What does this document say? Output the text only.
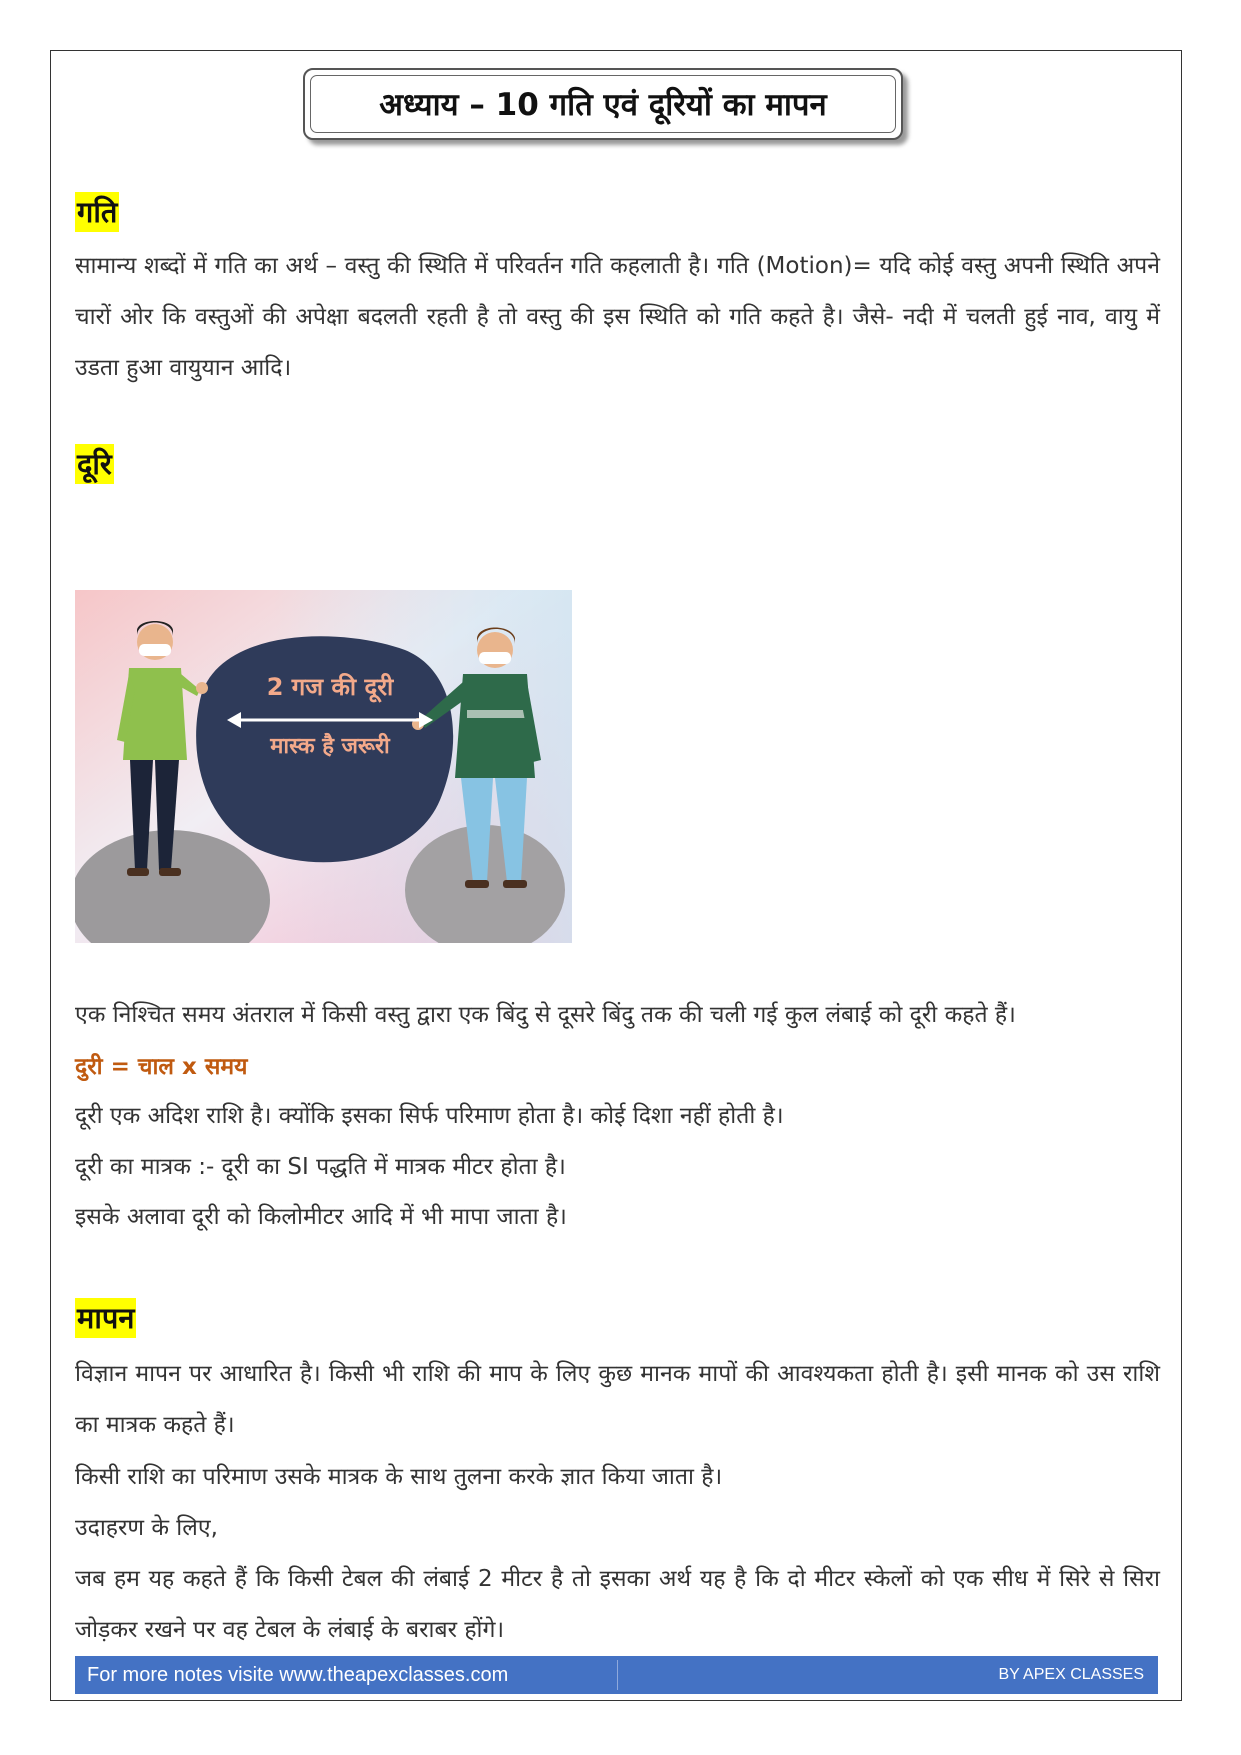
अध्याय – 10 गति एवं दूरियों का मापन
गति
सामान्य शब्दों में गति का अर्थ – वस्तु की स्थिति में परिवर्तन गति कहलाती है। गति (Motion)= यदि कोई वस्तु अपनी स्थिति अपने चारों ओर कि वस्तुओं की अपेक्षा बदलती रहती है तो वस्तु की इस स्थिति को गति कहते है। जैसे- नदी में चलती हुई नाव, वायु में उडता हुआ वायुयान आदि।
दूरि
2 गज की दूरी
मास्क है जरूरी
एक निश्चित समय अंतराल में किसी वस्तु द्वारा एक बिंदु से दूसरे बिंदु तक की चली गई कुल लंबाई को दूरी कहते हैं।
दुरी = चाल x समय
दूरी एक अदिश राशि है। क्योंकि इसका सिर्फ परिमाण होता है। कोई दिशा नहीं होती है।
दूरी का मात्रक :- दूरी का SI पद्धति में मात्रक मीटर होता है।
इसके अलावा दूरी को किलोमीटर आदि में भी मापा जाता है।
मापन
विज्ञान मापन पर आधारित है। किसी भी राशि की माप के लिए कुछ मानक मापों की आवश्यकता होती है। इसी मानक को उस राशि का मात्रक कहते हैं।
किसी राशि का परिमाण उसके मात्रक के साथ तुलना करके ज्ञात किया जाता है।
उदाहरण के लिए,
जब हम यह कहते हैं कि किसी टेबल की लंबाई 2 मीटर है तो इसका अर्थ यह है कि दो मीटर स्केलों को एक सीध में सिरे से सिरा जोड़कर रखने पर वह टेबल के लंबाई के बराबर होंगे।
For more notes visite www.theapexclasses.com	BY APEX CLASSES
